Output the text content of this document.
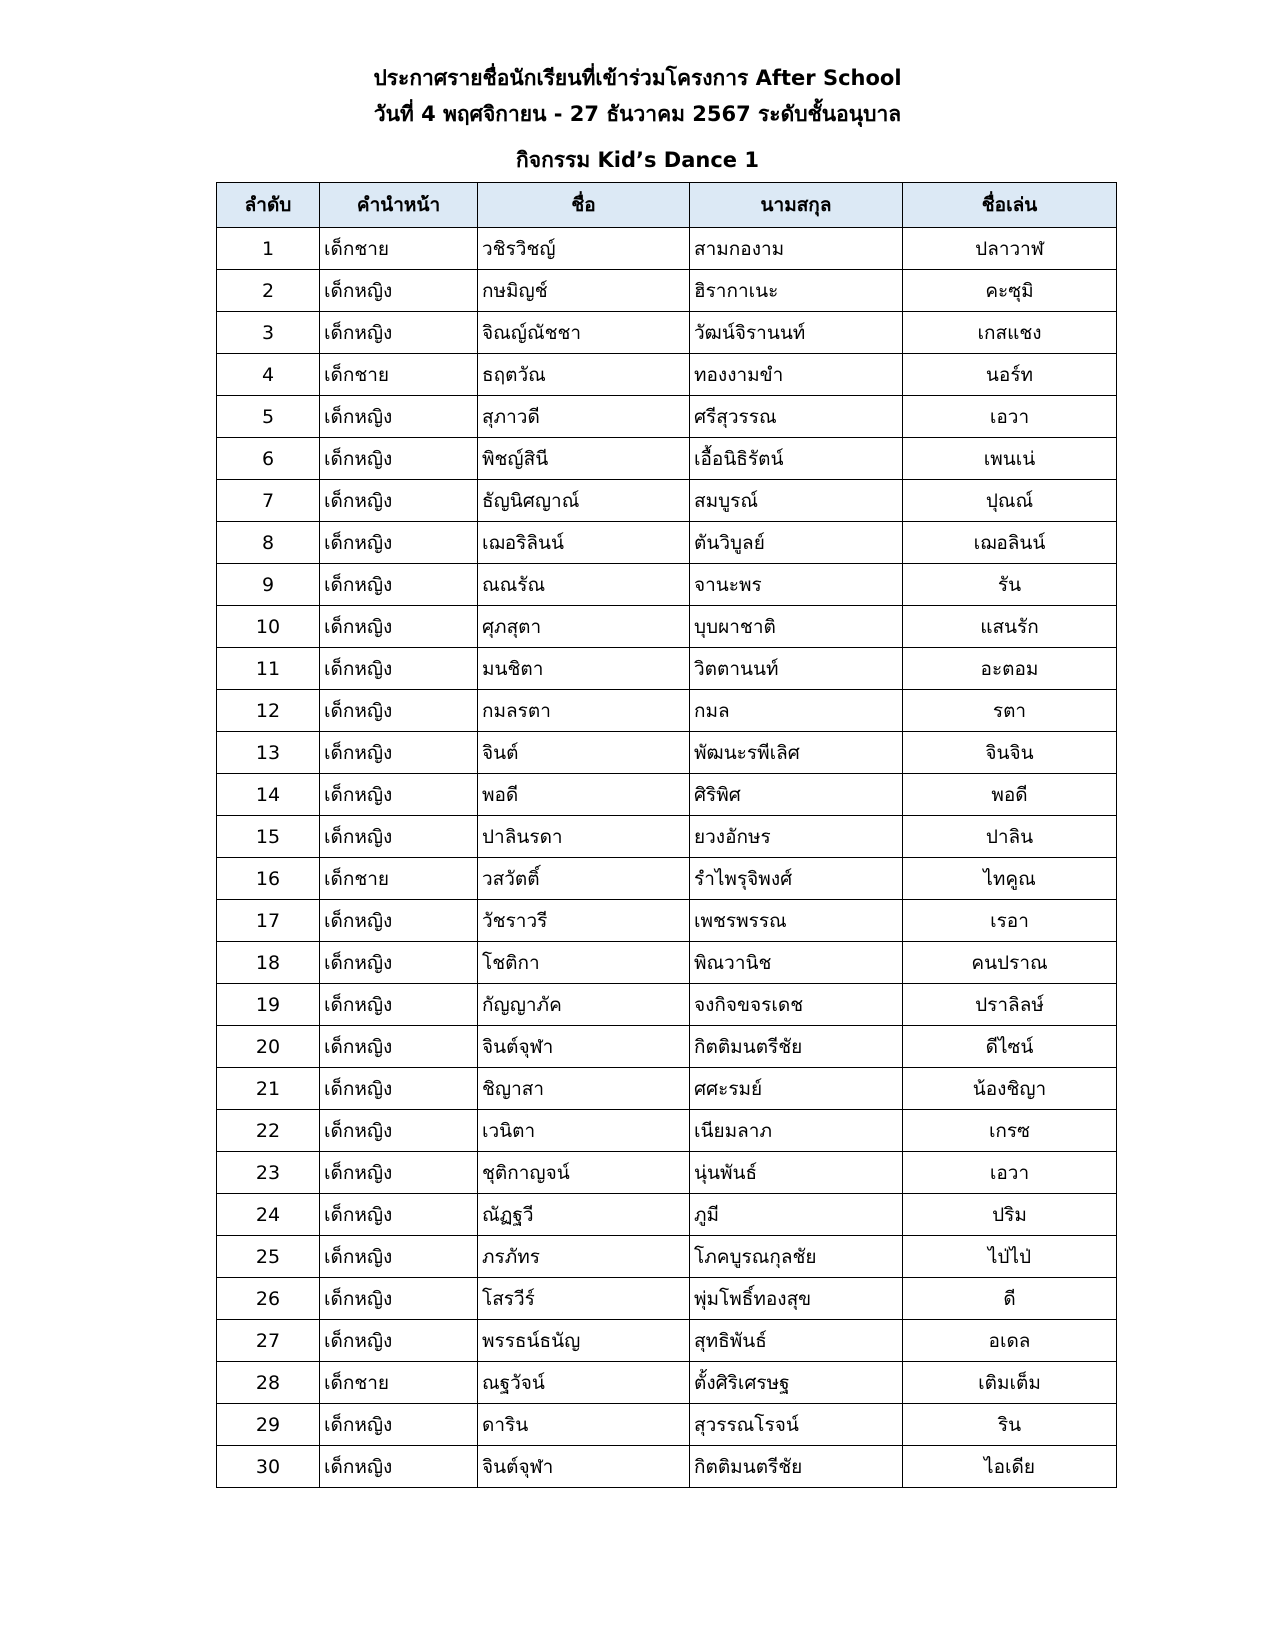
ประกาศรายชื่อนักเรียนที่เข้าร่วมโครงการ After School
วันที่ 4 พฤศจิกายน - 27 ธันวาคม 2567 ระดับชั้นอนุบาล
กิจกรรม Kid’s Dance 1
ลำดับ	คำนำหน้า	ชื่อ	นามสกุล	ชื่อเล่น
1	เด็กชาย	วชิรวิชญ์	สามกองาม	ปลาวาฬ
2	เด็กหญิง	กษมิญช์	ฮิรากาเนะ	คะซุมิ
3	เด็กหญิง	จิณญ์ณัชชา	วัฒน์จิรานนท์	เกสแชง
4	เด็กชาย	ธฤตวัณ	ทองงามขำ	นอร์ท
5	เด็กหญิง	สุภาวดี	ศรีสุวรรณ	เอวา
6	เด็กหญิง	พิชญ์สินี	เอื้อนิธิรัตน์	เพนเน่
7	เด็กหญิง	ธัญนิศญาณ์	สมบูรณ์	ปุณณ์
8	เด็กหญิง	เฌอริลินน์	ตันวิบูลย์	เฌอลินน์
9	เด็กหญิง	ณณรัณ	จานะพร	รัน
10	เด็กหญิง	ศุภสุตา	บุบผาชาติ	แสนรัก
11	เด็กหญิง	มนชิตา	วิตตานนท์	อะตอม
12	เด็กหญิง	กมลรตา	กมล	รตา
13	เด็กหญิง	จินต์	พัฒนะรพีเลิศ	จินจิน
14	เด็กหญิง	พอดี	ศิริพิศ	พอดี
15	เด็กหญิง	ปาลินรดา	ยวงอักษร	ปาลิน
16	เด็กชาย	วสวัตติ์	รำไพรุจิพงศ์	ไทคูณ
17	เด็กหญิง	วัชราวรี	เพชรพรรณ	เรอา
18	เด็กหญิง	โชติกา	พิณวานิช	คนปราณ
19	เด็กหญิง	กัญญาภัค	จงกิจขจรเดช	ปราลิลษ์
20	เด็กหญิง	จินต์จุฬา	กิตติมนตรีชัย	ดีไซน์
21	เด็กหญิง	ชิญาสา	ศศะรมย์	น้องชิญา
22	เด็กหญิง	เวนิตา	เนียมลาภ	เกรซ
23	เด็กหญิง	ชุติกาญจน์	นุ่นพันธ์	เอวา
24	เด็กหญิง	ณัฏฐวี	ภูมี	ปริม
25	เด็กหญิง	ภรภัทร	โภคบูรณกุลชัย	ไป่ไป่
26	เด็กหญิง	โสรวีร์	พุ่มโพธิ์ทองสุข	ดี
27	เด็กหญิง	พรรธน์ธนัญ	สุทธิพันธ์	อเดล
28	เด็กชาย	ณฐวัจน์	ตั้งศิริเศรษฐ	เติมเต็ม
29	เด็กหญิง	ดาริน	สุวรรณโรจน์	ริน
30	เด็กหญิง	จินต์จุฬา	กิตติมนตรีชัย	ไอเดีย
